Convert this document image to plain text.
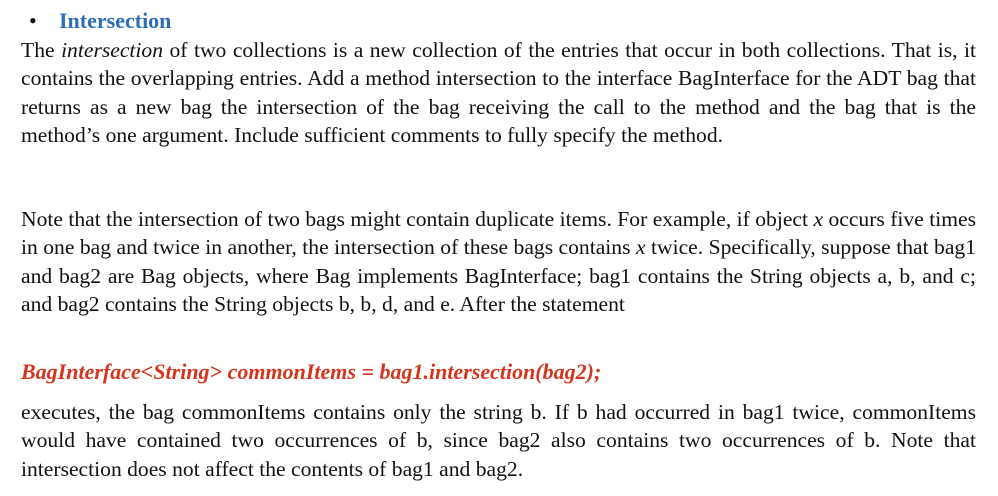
• Intersection

The intersection of two collections is a new collection of the entries that occur in both collections. That is, it contains the overlapping entries. Add a method intersection to the interface BagInterface for the ADT bag that returns as a new bag the intersection of the bag receiving the call to the method and the bag that is the method’s one argument. Include sufficient comments to fully specify the method.

Note that the intersection of two bags might contain duplicate items. For example, if object x occurs five times in one bag and twice in another, the intersection of these bags contains x twice. Specifically, suppose that bag1 and bag2 are Bag objects, where Bag implements BagInterface; bag1 contains the String objects a, b, and c; and bag2 contains the String objects b, b, d, and e. After the statement

BagInterface<String> commonItems = bag1.intersection(bag2);

executes, the bag commonItems contains only the string b. If b had occurred in bag1 twice, commonItems would have contained two occurrences of b, since bag2 also contains two occurrences of b. Note that intersection does not affect the contents of bag1 and bag2.
